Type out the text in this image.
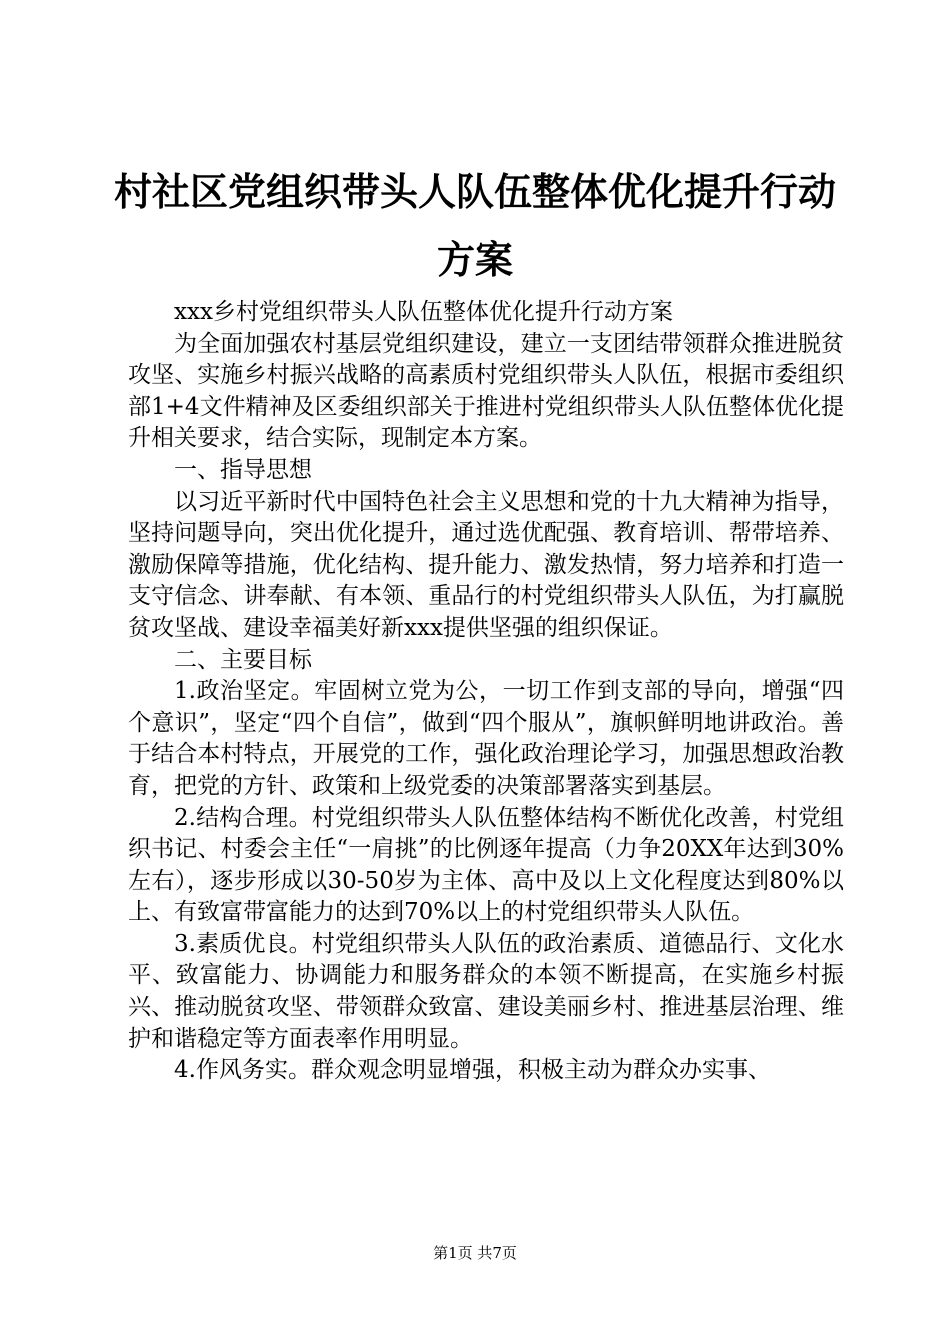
村社区党组织带头人队伍整体优化提升行动方案

xxx乡村党组织带头人队伍整体优化提升行动方案

为全面加强农村基层党组织建设，建立一支团结带领群众推进脱贫攻坚、实施乡村振兴战略的高素质村党组织带头人队伍，根据市委组织部1+4文件精神及区委组织部关于推进村党组织带头人队伍整体优化提升相关要求，结合实际，现制定本方案。

一、指导思想

以习近平新时代中国特色社会主义思想和党的十九大精神为指导，坚持问题导向，突出优化提升，通过选优配强、教育培训、帮带培养、激励保障等措施，优化结构、提升能力、激发热情，努力培养和打造一支守信念、讲奉献、有本领、重品行的村党组织带头人队伍，为打赢脱贫攻坚战、建设幸福美好新xxx提供坚强的组织保证。

二、主要目标

1.政治坚定。牢固树立党为公，一切工作到支部的导向，增强“四个意识”，坚定“四个自信”，做到“四个服从”，旗帜鲜明地讲政治。善于结合本村特点，开展党的工作，强化政治理论学习，加强思想政治教育，把党的方针、政策和上级党委的决策部署落实到基层。

2.结构合理。村党组织带头人队伍整体结构不断优化改善，村党组织书记、村委会主任“一肩挑”的比例逐年提高（力争20XX年达到30%左右），逐步形成以30-50岁为主体、高中及以上文化程度达到80%以上、有致富带富能力的达到70%以上的村党组织带头人队伍。

3.素质优良。村党组织带头人队伍的政治素质、道德品行、文化水平、致富能力、协调能力和服务群众的本领不断提高，在实施乡村振兴、推动脱贫攻坚、带领群众致富、建设美丽乡村、推进基层治理、维护和谐稳定等方面表率作用明显。

4.作风务实。群众观念明显增强，积极主动为群众办实事、

第1页 共7页
